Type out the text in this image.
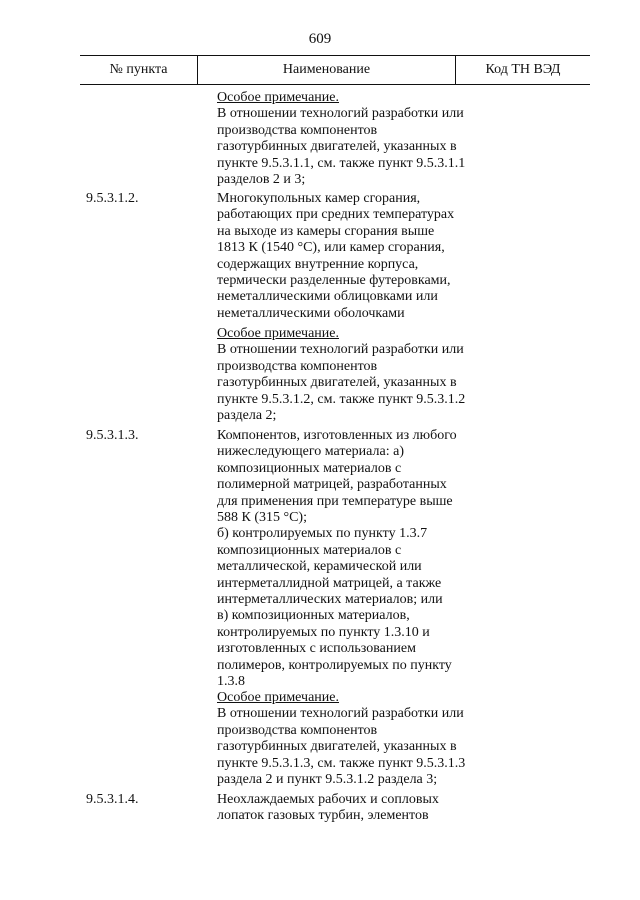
609
№ пункта	Наименование	Код ТН ВЭД
Особое примечание.
В отношении технологий разработки или
производства компонентов
газотурбинных двигателей, указанных в
пункте 9.5.3.1.1, см. также пункт 9.5.3.1.1
разделов 2 и 3;
9.5.3.1.2.	Многокупольных камер сгорания,
работающих при средних температурах
на выходе из камеры сгорания выше
1813 К (1540 °C), или камер сгорания,
содержащих внутренние корпуса,
термически разделенные футеровками,
неметаллическими облицовками или
неметаллическими оболочками
Особое примечание.
В отношении технологий разработки или
производства компонентов
газотурбинных двигателей, указанных в
пункте 9.5.3.1.2, см. также пункт 9.5.3.1.2
раздела 2;
9.5.3.1.3.	Компонентов, изготовленных из любого
нижеследующего материала: а)
композиционных материалов с
полимерной матрицей, разработанных
для применения при температуре выше
588 К (315 °C);
б) контролируемых по пункту 1.3.7
композиционных материалов с
металлической, керамической или
интерметаллидной матрицей, а также
интерметаллических материалов; или
в) композиционных материалов,
контролируемых по пункту 1.3.10 и
изготовленных с использованием
полимеров, контролируемых по пункту
1.3.8
Особое примечание.
В отношении технологий разработки или
производства компонентов
газотурбинных двигателей, указанных в
пункте 9.5.3.1.3, см. также пункт 9.5.3.1.3
раздела 2 и пункт 9.5.3.1.2 раздела 3;
9.5.3.1.4.	Неохлаждаемых рабочих и сопловых
лопаток газовых турбин, элементов
